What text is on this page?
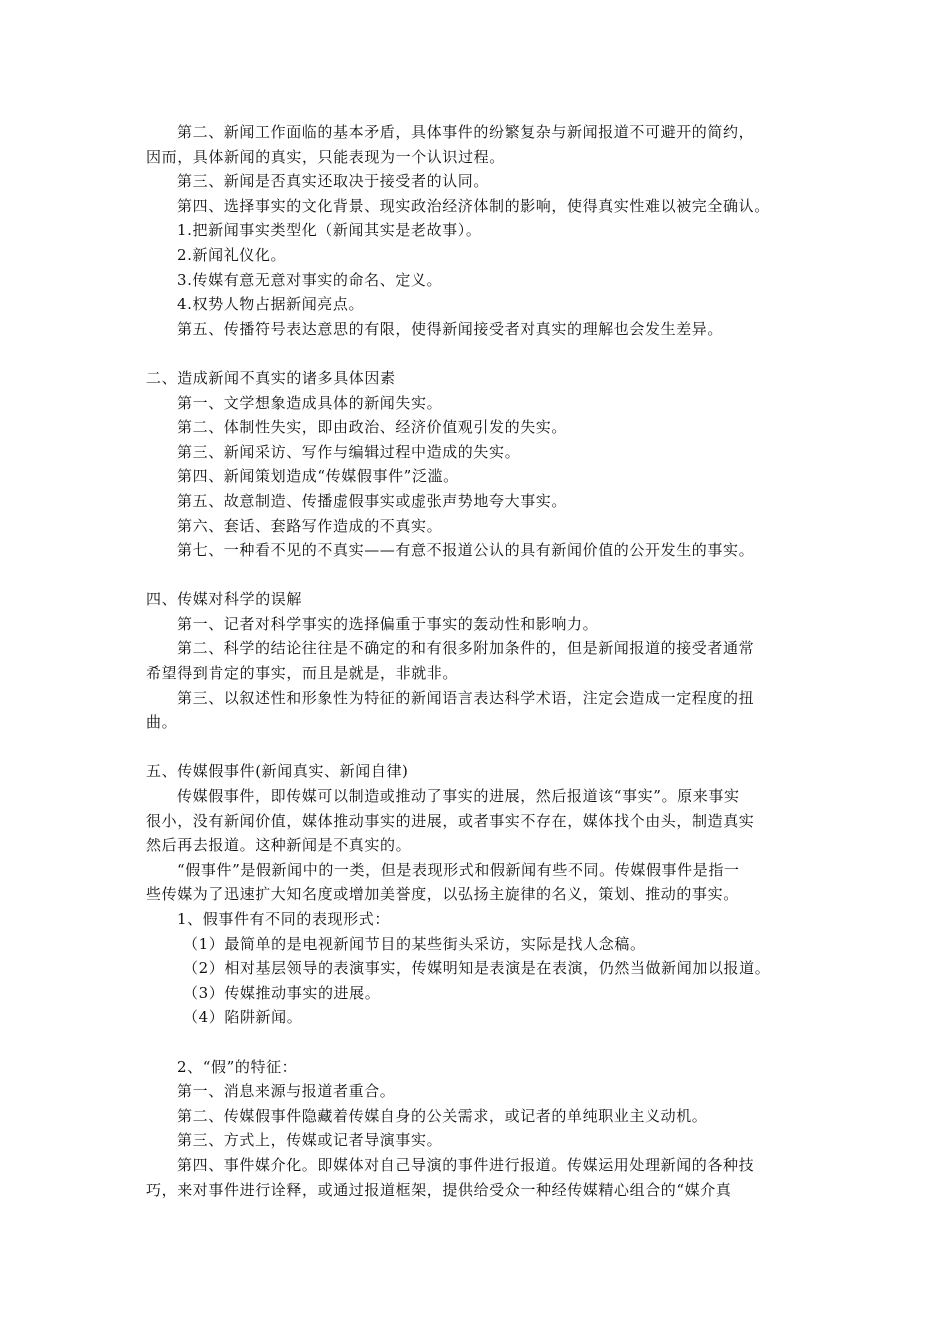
第二、新闻工作面临的基本矛盾，具体事件的纷繁复杂与新闻报道不可避开的简约，
因而，具体新闻的真实，只能表现为一个认识过程。
第三、新闻是否真实还取决于接受者的认同。
第四、选择事实的文化背景、现实政治经济体制的影响，使得真实性难以被完全确认。
1.把新闻事实类型化（新闻其实是老故事）。
2.新闻礼仪化。
3.传媒有意无意对事实的命名、定义。
4.权势人物占据新闻亮点。
第五、传播符号表达意思的有限，使得新闻接受者对真实的理解也会发生差异。
二、造成新闻不真实的诸多具体因素
第一、文学想象造成具体的新闻失实。
第二、体制性失实，即由政治、经济价值观引发的失实。
第三、新闻采访、写作与编辑过程中造成的失实。
第四、新闻策划造成“传媒假事件”泛滥。
第五、故意制造、传播虚假事实或虚张声势地夸大事实。
第六、套话、套路写作造成的不真实。
第七、一种看不见的不真实——有意不报道公认的具有新闻价值的公开发生的事实。
四、传媒对科学的误解
第一、记者对科学事实的选择偏重于事实的轰动性和影响力。
第二、科学的结论往往是不确定的和有很多附加条件的，但是新闻报道的接受者通常
希望得到肯定的事实，而且是就是，非就非。
第三、以叙述性和形象性为特征的新闻语言表达科学术语，注定会造成一定程度的扭
曲。
五、传媒假事件(新闻真实、新闻自律)
传媒假事件，即传媒可以制造或推动了事实的进展，然后报道该“事实”。原来事实
很小，没有新闻价值，媒体推动事实的进展，或者事实不存在，媒体找个由头，制造真实
然后再去报道。这种新闻是不真实的。
“假事件”是假新闻中的一类，但是表现形式和假新闻有些不同。传媒假事件是指一
些传媒为了迅速扩大知名度或增加美誉度，以弘扬主旋律的名义，策划、推动的事实。
1、假事件有不同的表现形式：
（1）最简单的是电视新闻节目的某些街头采访，实际是找人念稿。
（2）相对基层领导的表演事实，传媒明知是表演是在表演，仍然当做新闻加以报道。
（3）传媒推动事实的进展。
（4）陷阱新闻。
2、“假”的特征：
第一、消息来源与报道者重合。
第二、传媒假事件隐藏着传媒自身的公关需求，或记者的单纯职业主义动机。
第三、方式上，传媒或记者导演事实。
第四、事件媒介化。即媒体对自己导演的事件进行报道。传媒运用处理新闻的各种技
巧，来对事件进行诠释，或通过报道框架，提供给受众一种经传媒精心组合的“媒介真
